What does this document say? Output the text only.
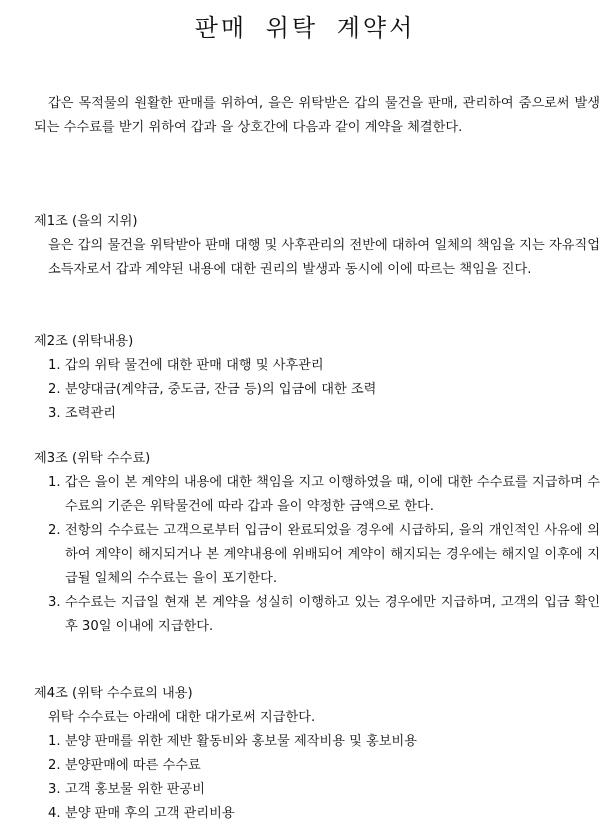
판매 위탁 계약서
갑은 목적물의 원활한 판매를 위하여, 을은 위탁받은 갑의 물건을 판매, 관리하여 줌으로써 발생되는 수수료를 받기 위하여 갑과 을 상호간에 다음과 같이 계약을 체결한다.
제1조 (을의 지위)
을은 갑의 물건을 위탁받아 판매 대행 및 사후관리의 전반에 대하여 일체의 책임을 지는 자유직업 소득자로서 갑과 계약된 내용에 대한 권리의 발생과 동시에 이에 따르는 책임을 진다.
제2조 (위탁내용)
1. 갑의 위탁 물건에 대한 판매 대행 및 사후관리
2. 분양대금(계약금, 중도금, 잔금 등)의 입금에 대한 조력
3. 조력관리
제3조 (위탁 수수료)
1. 갑은 을이 본 계약의 내용에 대한 책임을 지고 이행하였을 때, 이에 대한 수수료를 지급하며 수수료의 기준은 위탁물건에 따라 갑과 을이 약정한 금액으로 한다.
2. 전항의 수수료는 고객으로부터 입금이 완료되었을 경우에 시급하되, 을의 개인적인 사유에 의하여 계약이 해지되거나 본 계약내용에 위배되어 계약이 해지되는 경우에는 해지일 이후에 지급될 일체의 수수료는 을이 포기한다.
3. 수수료는 지급일 현재 본 계약을 성실히 이행하고 있는 경우에만 지급하며, 고객의 입금 확인 후 30일 이내에 지급한다.
제4조 (위탁 수수료의 내용)
위탁 수수료는 아래에 대한 대가로써 지급한다.
1. 분양 판매를 위한 제반 활동비와 홍보물 제작비용 및 홍보비용
2. 분양판매에 따른 수수료
3. 고객 홍보물 위한 판공비
4. 분양 판매 후의 고객 관리비용
